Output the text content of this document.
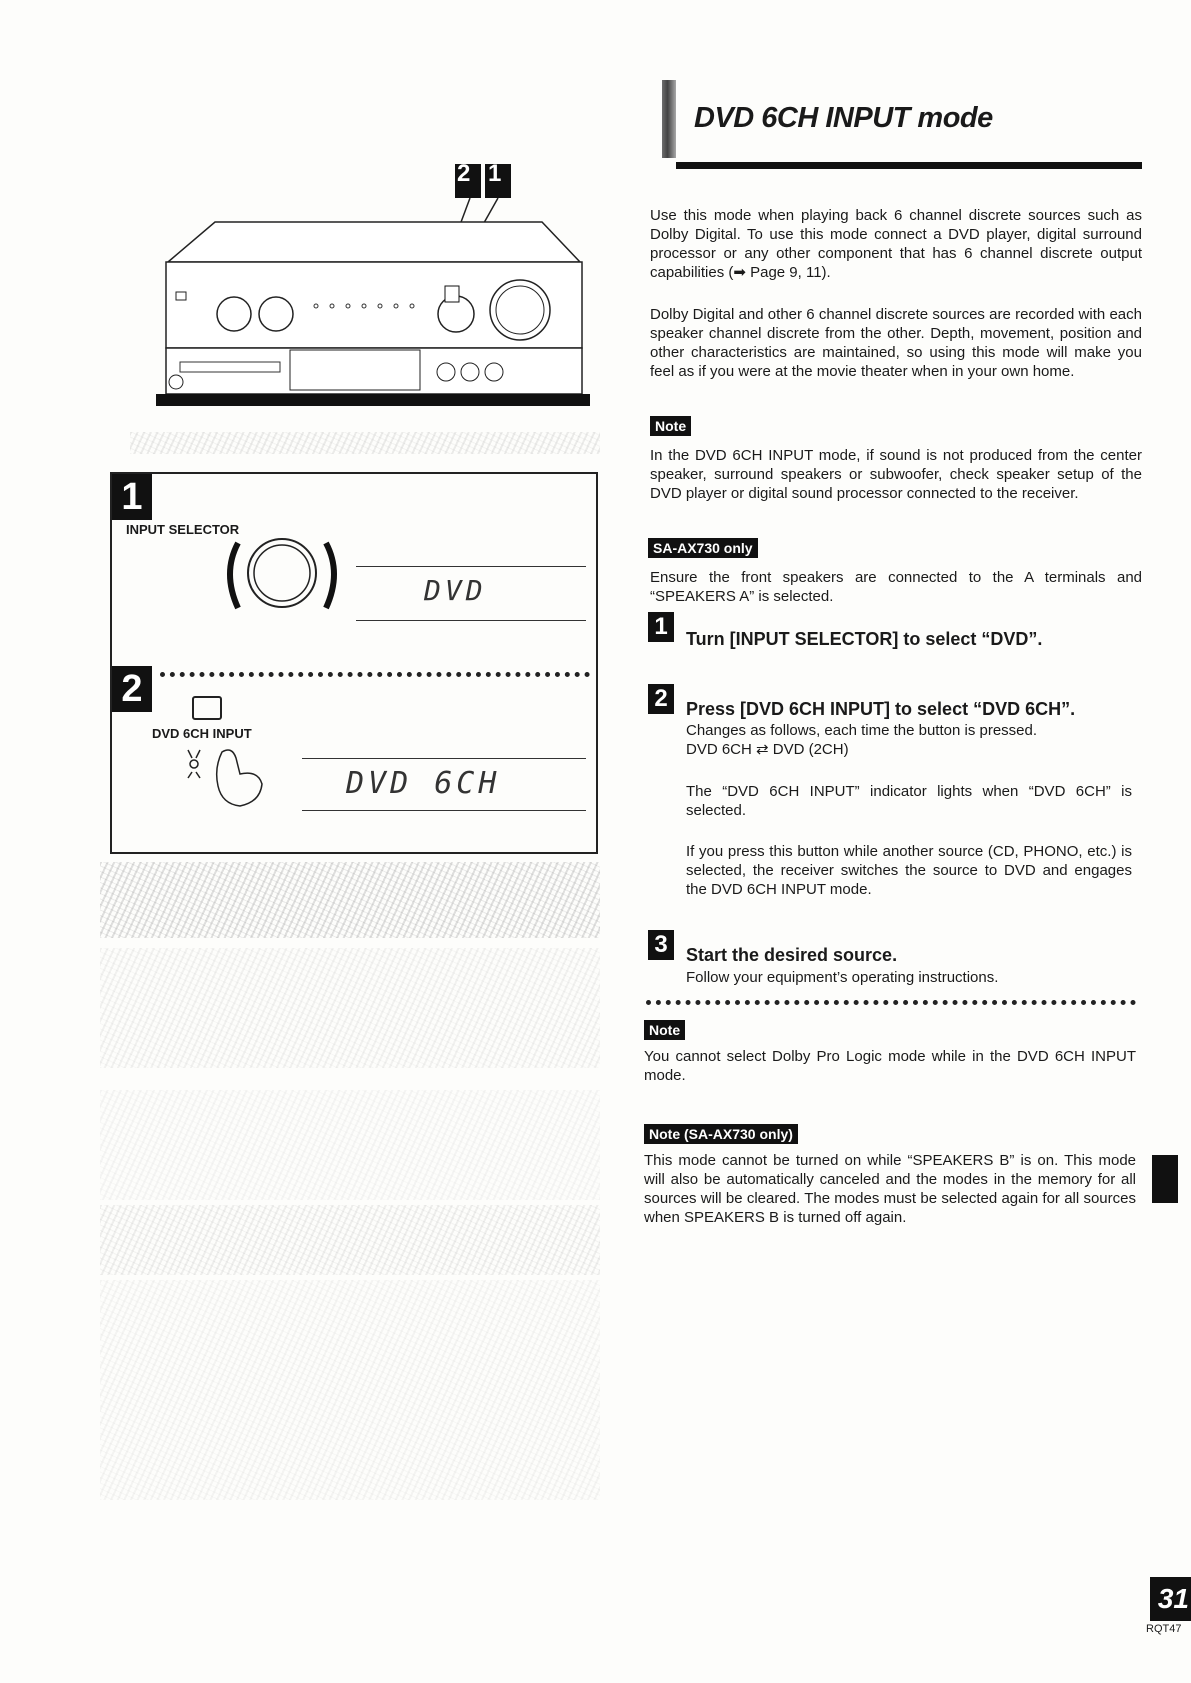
DVD 6CH INPUT mode

Use this mode when playing back 6 channel discrete sources such as Dolby Digital. To use this mode connect a DVD player, digital surround processor or any other component that has 6 channel discrete output capabilities (➡ Page 9, 11).

Dolby Digital and other 6 channel discrete sources are recorded with each speaker channel discrete from the other. Depth, movement, position and other characteristics are maintained, so using this mode will make you feel as if you were at the movie theater when in your own home.

Note

In the DVD 6CH INPUT mode, if sound is not produced from the center speaker, surround speakers or subwoofer, check speaker setup of the DVD player or digital sound processor connected to the receiver.

SA-AX730 only

Ensure the front speakers are connected to the A terminals and “SPEAKERS A” is selected.

1	Turn [INPUT SELECTOR] to select “DVD”.
2	Press [DVD 6CH INPUT] to select “DVD 6CH”.
Changes as follows, each time the button is pressed.
DVD 6CH ⇄ DVD (2CH)

The “DVD 6CH INPUT” indicator lights when “DVD 6CH” is selected.

If you press this button while another source (CD, PHONO, etc.) is selected, the receiver switches the source to DVD and engages the DVD 6CH INPUT mode.

3	Start the desired source.
Follow your equipment’s operating instructions.
Note

You cannot select Dolby Pro Logic mode while in the DVD 6CH INPUT mode.

Note (SA-AX730 only)

This mode cannot be turned on while “SPEAKERS B” is on. This mode will also be automatically canceled and the modes in the memory for all sources will be cleared. The modes must be selected again for all sources when SPEAKERS B is turned off again.

2 1
1
INPUT SELECTOR
DVD
2
DVD 6CH INPUT
DVD 6CH
31
RQT47
